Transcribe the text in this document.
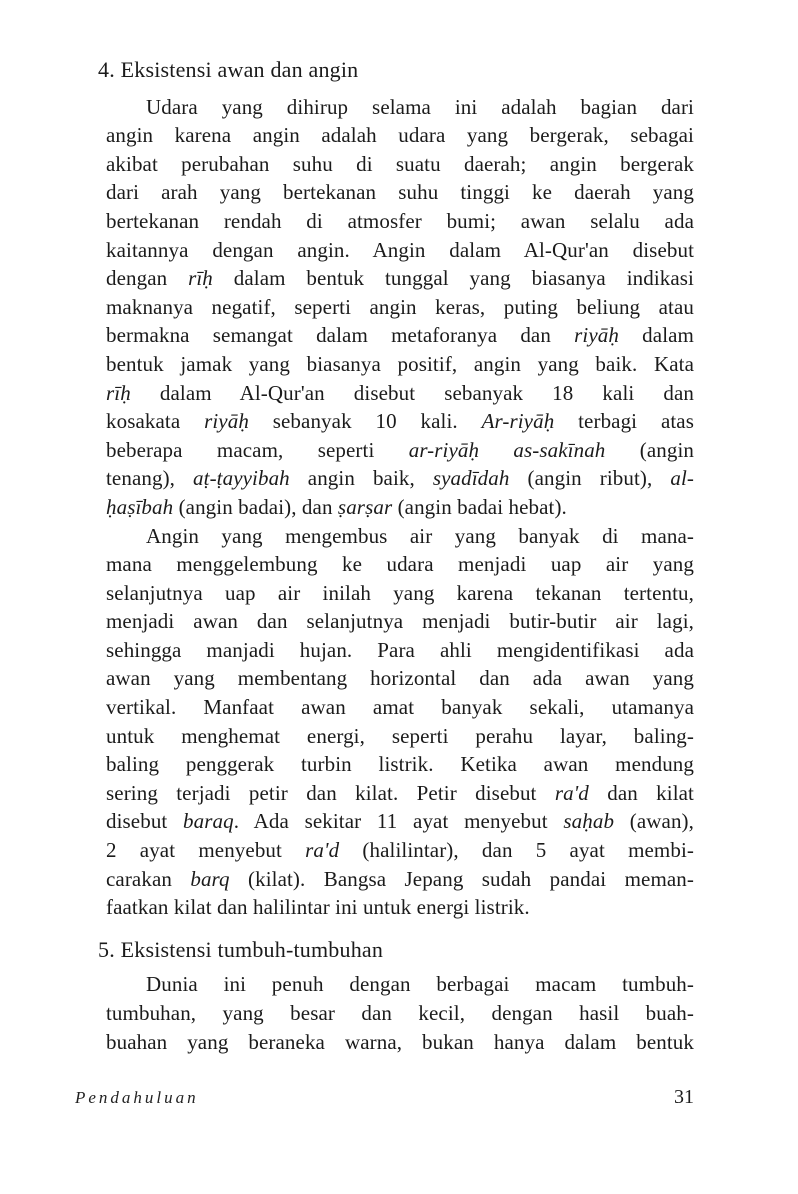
4. Eksistensi awan dan angin
Udara yang dihirup selama ini adalah bagian dari
angin karena angin adalah udara yang bergerak, sebagai
akibat perubahan suhu di suatu daerah; angin bergerak
dari arah yang bertekanan suhu tinggi ke daerah yang
bertekanan rendah di atmosfer bumi; awan selalu ada
kaitannya dengan angin. Angin dalam Al-Qur'an disebut
dengan rīḥ dalam bentuk tunggal yang biasanya indikasi
maknanya negatif, seperti angin keras, puting beliung atau
bermakna semangat dalam metaforanya dan riyāḥ dalam
bentuk jamak yang biasanya positif, angin yang baik. Kata
rīḥ dalam Al-Qur'an disebut sebanyak 18 kali dan
kosakata riyāḥ sebanyak 10 kali. Ar-riyāḥ terbagi atas
beberapa macam, seperti ar-riyāḥ as-sakīnah (angin
tenang), aṭ-ṭayyibah angin baik, syadīdah (angin ribut), al-
ḥaṣībah (angin badai), dan ṣarṣar (angin badai hebat).
Angin yang mengembus air yang banyak di mana-
mana menggelembung ke udara menjadi uap air yang
selanjutnya uap air inilah yang karena tekanan tertentu,
menjadi awan dan selanjutnya menjadi butir-butir air lagi,
sehingga manjadi hujan. Para ahli mengidentifikasi ada
awan yang membentang horizontal dan ada awan yang
vertikal. Manfaat awan amat banyak sekali, utamanya
untuk menghemat energi, seperti perahu layar, baling-
baling penggerak turbin listrik. Ketika awan mendung
sering terjadi petir dan kilat. Petir disebut ra'd dan kilat
disebut baraq. Ada sekitar 11 ayat menyebut saḥab (awan),
2 ayat menyebut ra'd (halilintar), dan 5 ayat membi-
carakan barq (kilat). Bangsa Jepang sudah pandai meman-
faatkan kilat dan halilintar ini untuk energi listrik.
5. Eksistensi tumbuh-tumbuhan
Dunia ini penuh dengan berbagai macam tumbuh-
tumbuhan, yang besar dan kecil, dengan hasil buah-
buahan yang beraneka warna, bukan hanya dalam bentuk
Pendahuluan	31
